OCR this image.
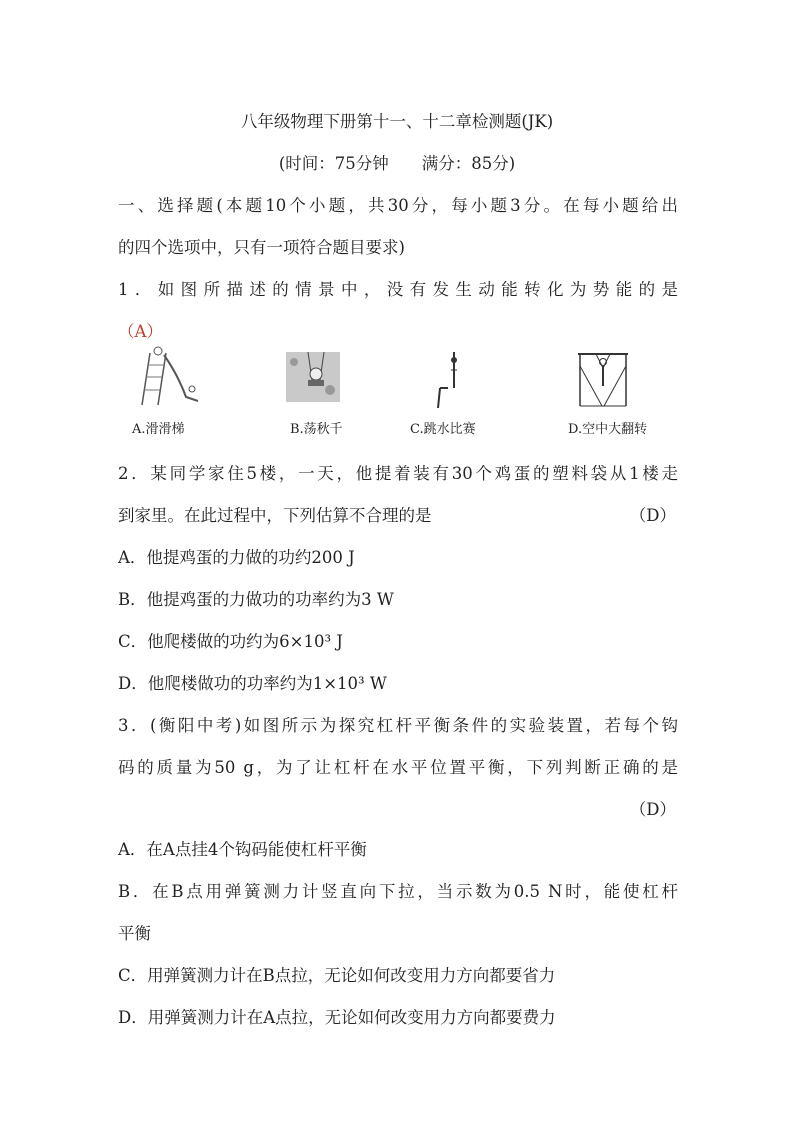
八年级物理下册第十一、十二章检测题(JK)
(时间：75分钟　　满分：85分)
一、选择题(本题10个小题，共30分，每小题3分。在每小题给出
的四个选项中，只有一项符合题目要求)
1．如图所描述的情景中，没有发生动能转化为势能的是
（A）
A.滑滑梯	B.荡秋千	C.跳水比赛	D.空中大翻转
2．某同学家住5楼，一天，他提着装有30个鸡蛋的塑料袋从1楼走
到家里。在此过程中，下列估算不合理的是	（D）
A．他提鸡蛋的力做的功约200 J
B．他提鸡蛋的力做功的功率约为3 W
C．他爬楼做的功约为6×10³ J
D．他爬楼做功的功率约为1×10³ W
3．(衡阳中考)如图所示为探究杠杆平衡条件的实验装置，若每个钩
码的质量为50 g，为了让杠杆在水平位置平衡，下列判断正确的是
（D）
A．在A点挂4个钩码能使杠杆平衡
B．在B点用弹簧测力计竖直向下拉，当示数为0.5 N时，能使杠杆
平衡
C．用弹簧测力计在B点拉，无论如何改变用力方向都要省力
D．用弹簧测力计在A点拉，无论如何改变用力方向都要费力
